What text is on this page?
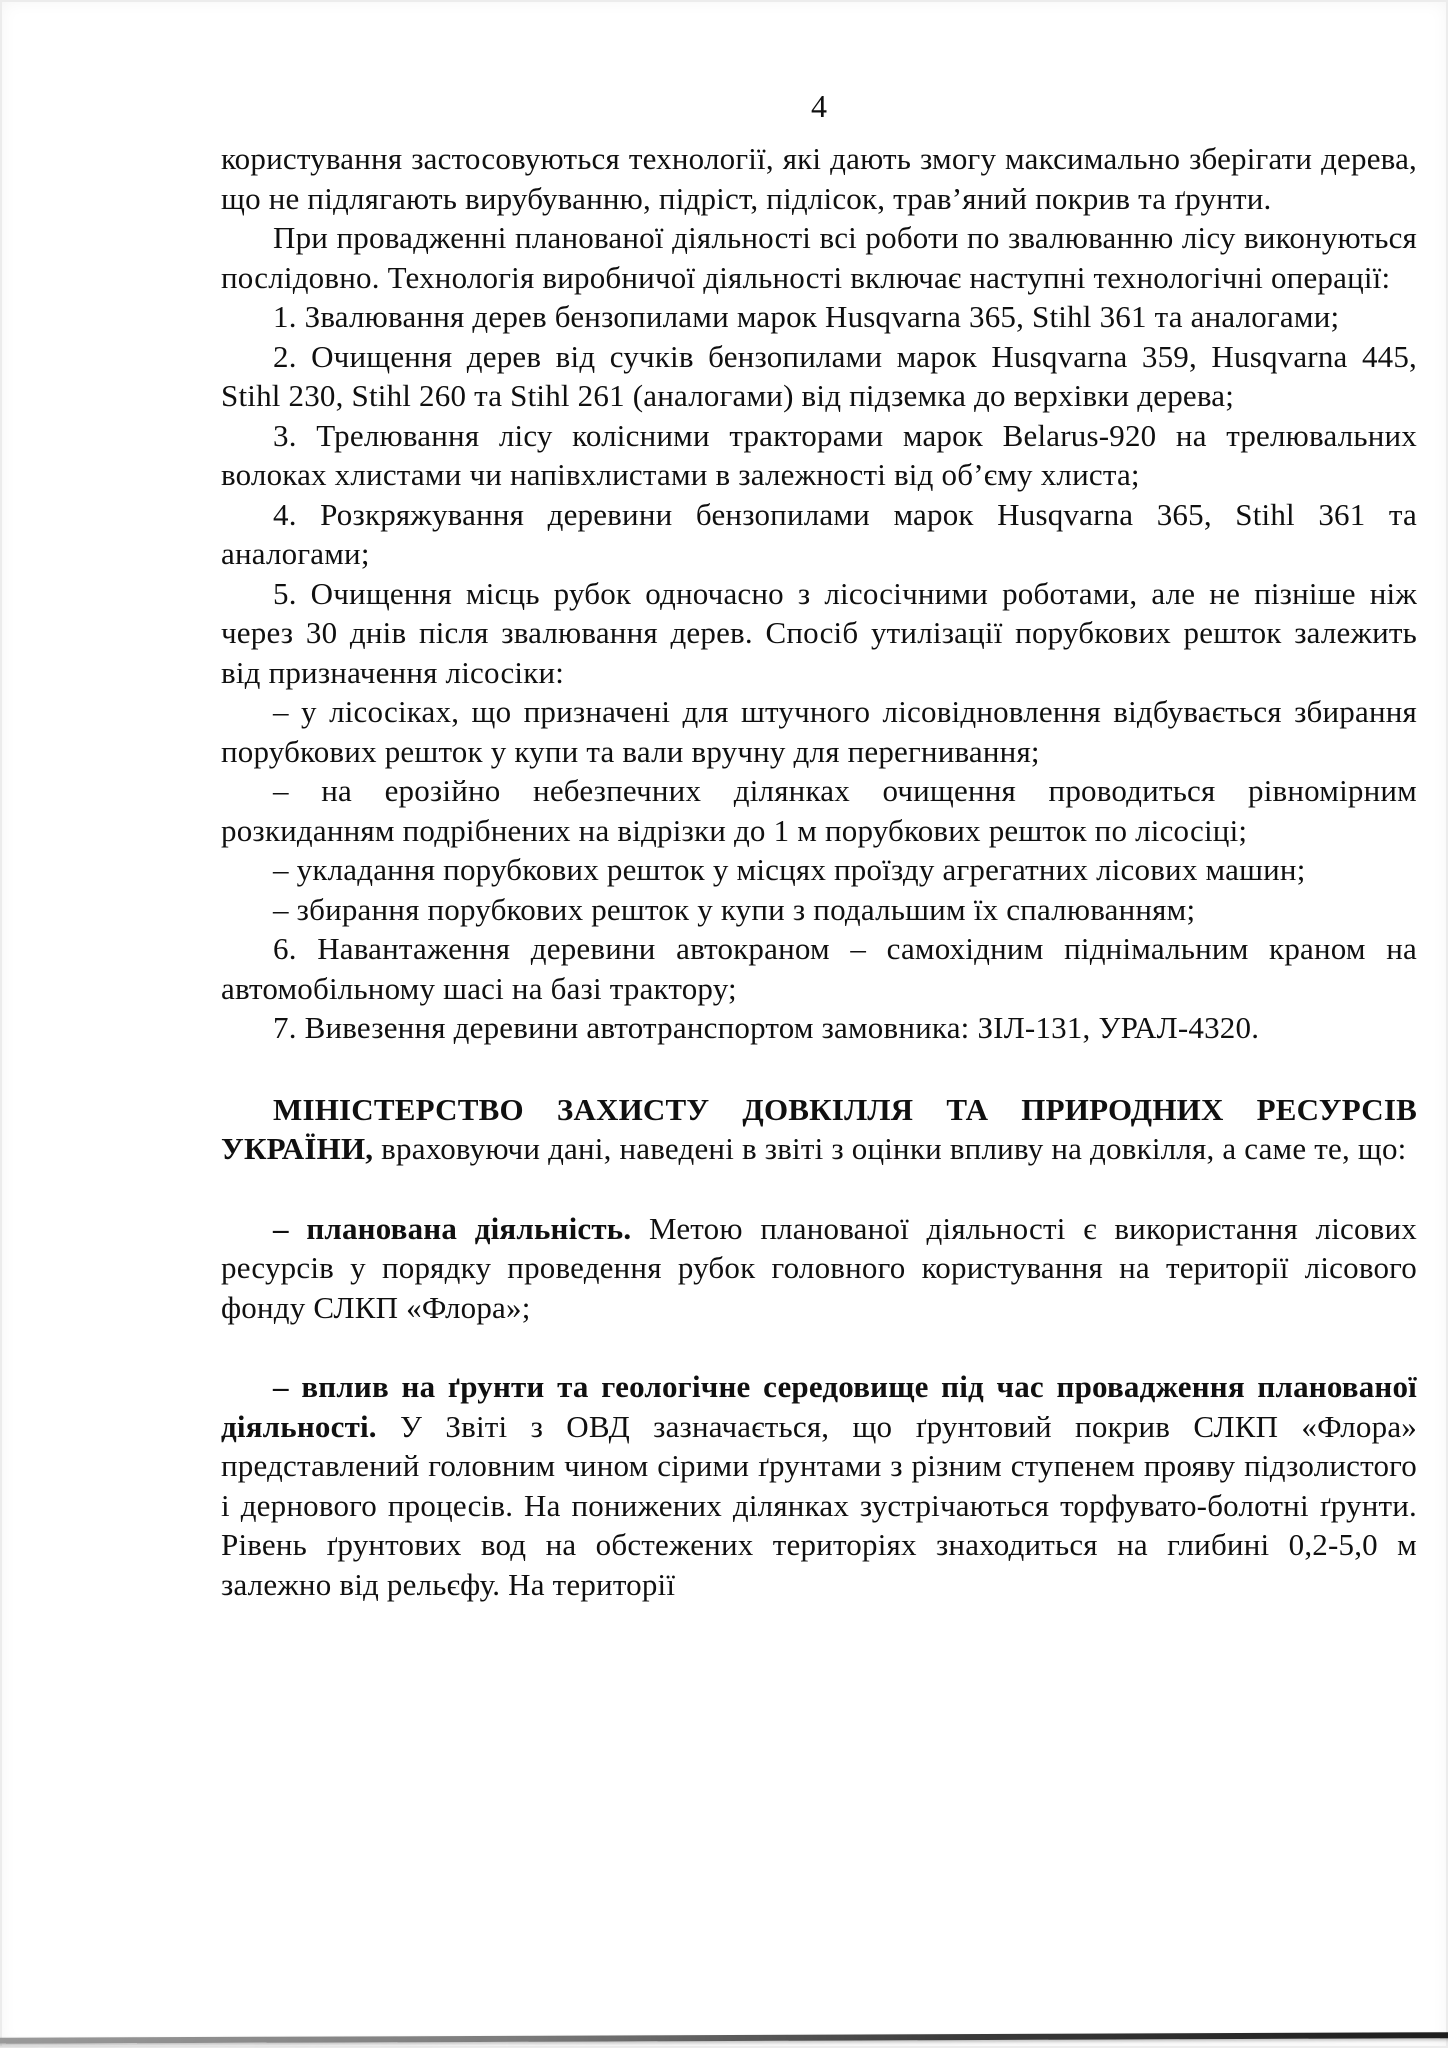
4

користування застосовуються технології, які дають змогу максимально зберігати дерева, що не підлягають вирубуванню, підріст, підлісок, трав’яний покрив та ґрунти.

При провадженні планованої діяльності всі роботи по звалюванню лісу виконуються послідовно. Технологія виробничої діяльності включає наступні технологічні операції:

1. Звалювання дерев бензопилами марок Husqvarna 365, Stihl 361 та аналогами;

2. Очищення дерев від сучків бензопилами марок Husqvarna 359, Husqvarna 445, Stihl 230, Stihl 260 та Stihl 261 (аналогами) від підземка до верхівки дерева;

3. Трелювання лісу колісними тракторами марок Belarus-920 на трелювальних волоках хлистами чи напівхлистами в залежності від об’єму хлиста;

4. Розкряжування деревини бензопилами марок Husqvarna 365, Stihl 361 та аналогами;

5. Очищення місць рубок одночасно з лісосічними роботами, але не пізніше ніж через 30 днів після звалювання дерев. Спосіб утилізації порубкових решток залежить від призначення лісосіки:

– у лісосіках, що призначені для штучного лісовідновлення відбувається збирання порубкових решток у купи та вали вручну для перегнивання;

– на ерозійно небезпечних ділянках очищення проводиться рівномірним розкиданням подрібнених на відрізки до 1 м порубкових решток по лісосіці;

– укладання порубкових решток у місцях проїзду агрегатних лісових машин;

– збирання порубкових решток у купи з подальшим їх спалюванням;

6. Навантаження деревини автокраном – самохідним піднімальним краном на автомобільному шасі на базі трактору;

7. Вивезення деревини автотранспортом замовника: ЗІЛ-131, УРАЛ-4320.

МІНІСТЕРСТВО ЗАХИСТУ ДОВКІЛЛЯ ТА ПРИРОДНИХ РЕСУРСІВ УКРАЇНИ, враховуючи дані, наведені в звіті з оцінки впливу на довкілля, а саме те, що:

– планована діяльність. Метою планованої діяльності є використання лісових ресурсів у порядку проведення рубок головного користування на території лісового фонду СЛКП «Флора»;

– вплив на ґрунти та геологічне середовище під час провадження планованої діяльності. У Звіті з ОВД зазначається, що ґрунтовий покрив СЛКП «Флора» представлений головним чином сірими ґрунтами з різним ступенем прояву підзолистого і дернового процесів. На понижених ділянках зустрічаються торфувато-болотні ґрунти. Рівень ґрунтових вод на обстежених територіях знаходиться на глибині 0,2-5,0 м залежно від рельєфу. На території
